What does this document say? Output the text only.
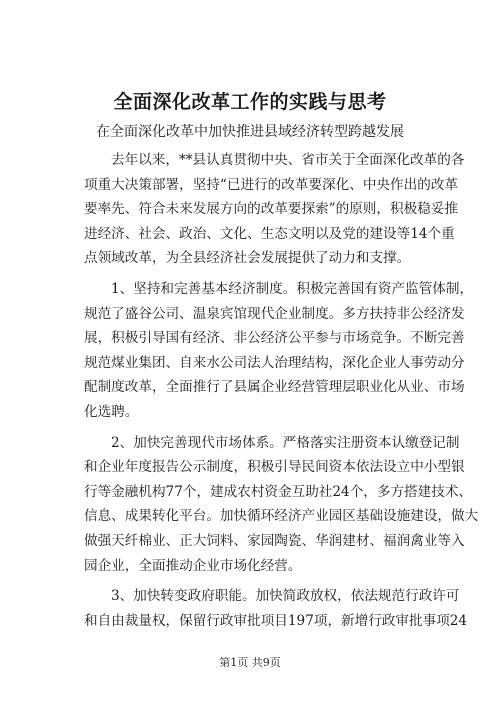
全面深化改革工作的实践与思考
在全面深化改革中加快推进县域经济转型跨越发展
去年以来，**县认真贯彻中央、省市关于全面深化改革的各
项重大决策部署，坚持“已进行的改革要深化、中央作出的改革
要率先、符合未来发展方向的改革要探索”的原则，积极稳妥推
进经济、社会、政治、文化、生态文明以及党的建设等14个重
点领域改革，为全县经济社会发展提供了动力和支撑。
1、坚持和完善基本经济制度。积极完善国有资产监管体制，
规范了盛谷公司、温泉宾馆现代企业制度。多方扶持非公经济发
展，积极引导国有经济、非公经济公平参与市场竞争。不断完善
规范煤业集团、自来水公司法人治理结构，深化企业人事劳动分
配制度改革，全面推行了县属企业经营管理层职业化从业、市场
化选聘。
2、加快完善现代市场体系。严格落实注册资本认缴登记制
和企业年度报告公示制度，积极引导民间资本依法设立中小型银
行等金融机构77个，建成农村资金互助社24个，多方搭建技术、
信息、成果转化平台。加快循环经济产业园区基础设施建设，做大
做强天纤棉业、正大饲料、家园陶瓷、华润建材、福润禽业等入
园企业，全面推动企业市场化经营。
3、加快转变政府职能。加快简政放权，依法规范行政许可
和自由裁量权，保留行政审批项目197项，新增行政审批事项24
第1页 共9页
